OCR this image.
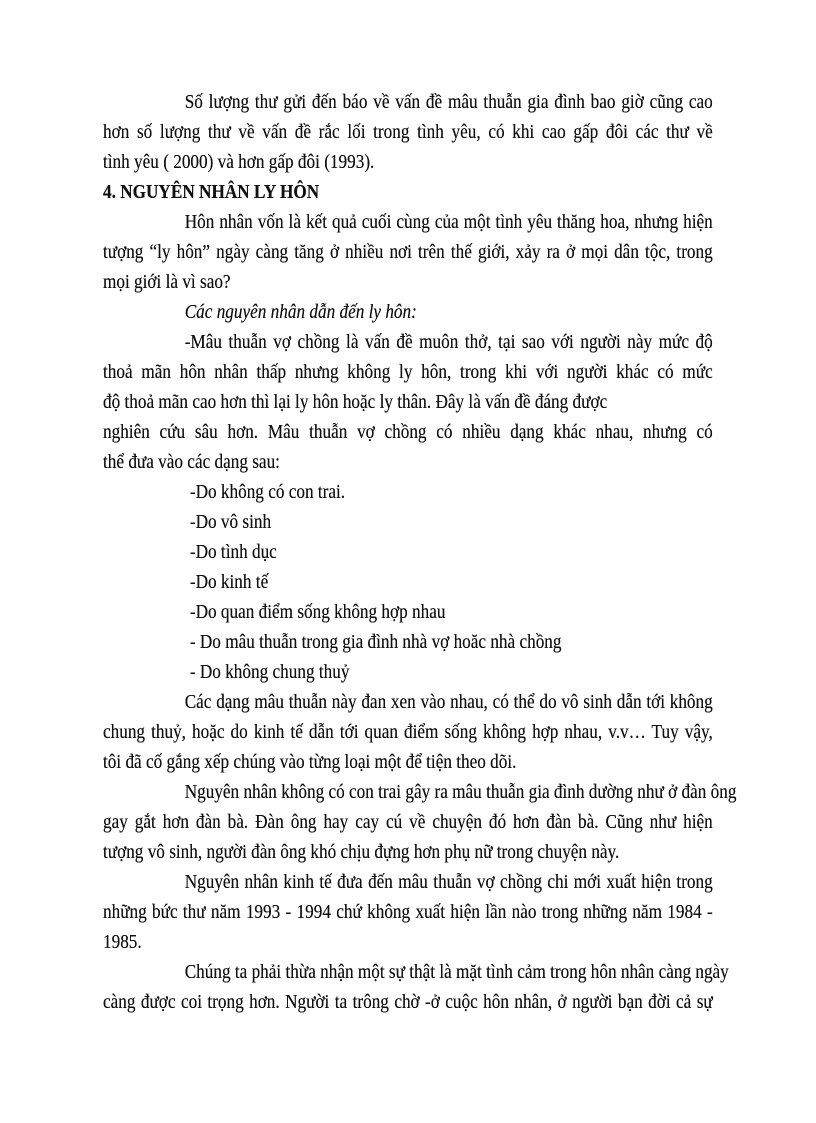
Số lượng thư gửi đến báo về vấn đề mâu thuẫn gia đình bao giờ cũng cao
hơn số lượng thư về vấn đề rắc lối trong tình yêu, có khi cao gấp đôi các thư về
tình yêu ( 2000) và hơn gấp đôi (1993).
4. NGUYÊN NHÂN LY HÔN
Hôn nhân vốn là kết quả cuối cùng của một tình yêu thăng hoa, nhưng hiện
tượng “ly hôn” ngày càng tăng ở nhiều nơi trên thế giới, xảy ra ở mọi dân tộc, trong
mọi giới là vì sao?
Các nguyên nhân dẫn đến ly hôn:
-Mâu thuẫn vợ chồng là vấn đề muôn thở, tại sao với người này mức độ
thoả mãn hôn nhân thấp nhưng không ly hôn, trong khi với người khác có mức
độ thoả mãn cao hơn thì lại ly hôn hoặc ly thân. Đây là vấn đề đáng được
nghiên cứu sâu hơn. Mâu thuẫn vợ chồng có nhiều dạng khác nhau, nhưng có
thể đưa vào các dạng sau:
-Do không có con trai.
-Do vô sinh
-Do tình dục
-Do kinh tế
-Do quan điểm sống không hợp nhau
- Do mâu thuẫn trong gia đình nhà vợ hoăc nhà chồng
- Do không chung thuỷ
Các dạng mâu thuẫn này đan xen vào nhau, có thể do vô sinh dẫn tới không
chung thuỷ, hoặc do kinh tế dẫn tới quan điểm sống không hợp nhau, v.v… Tuy vậy,
tôi đã cố gắng xếp chúng vào từng loại một để tiện theo dõi.
Nguyên nhân không có con trai gây ra mâu thuẫn gia đình dường như ở đàn ông
gay gắt hơn đàn bà. Đàn ông hay cay cú về chuyện đó hơn đàn bà. Cũng như hiện
tượng vô sinh, người đàn ông khó chịu đựng hơn phụ nữ trong chuyện này.
Nguyên nhân kinh tế đưa đến mâu thuẫn vợ chồng chi mới xuất hiện trong
những bức thư năm 1993 - 1994 chứ không xuất hiện lần nào trong những năm 1984 -
1985.
Chúng ta phải thừa nhận một sự thật là mặt tình cảm trong hôn nhân càng ngày
càng được coi trọng hơn. Người ta trông chờ -ở cuộc hôn nhân, ở người bạn đời cả sự
